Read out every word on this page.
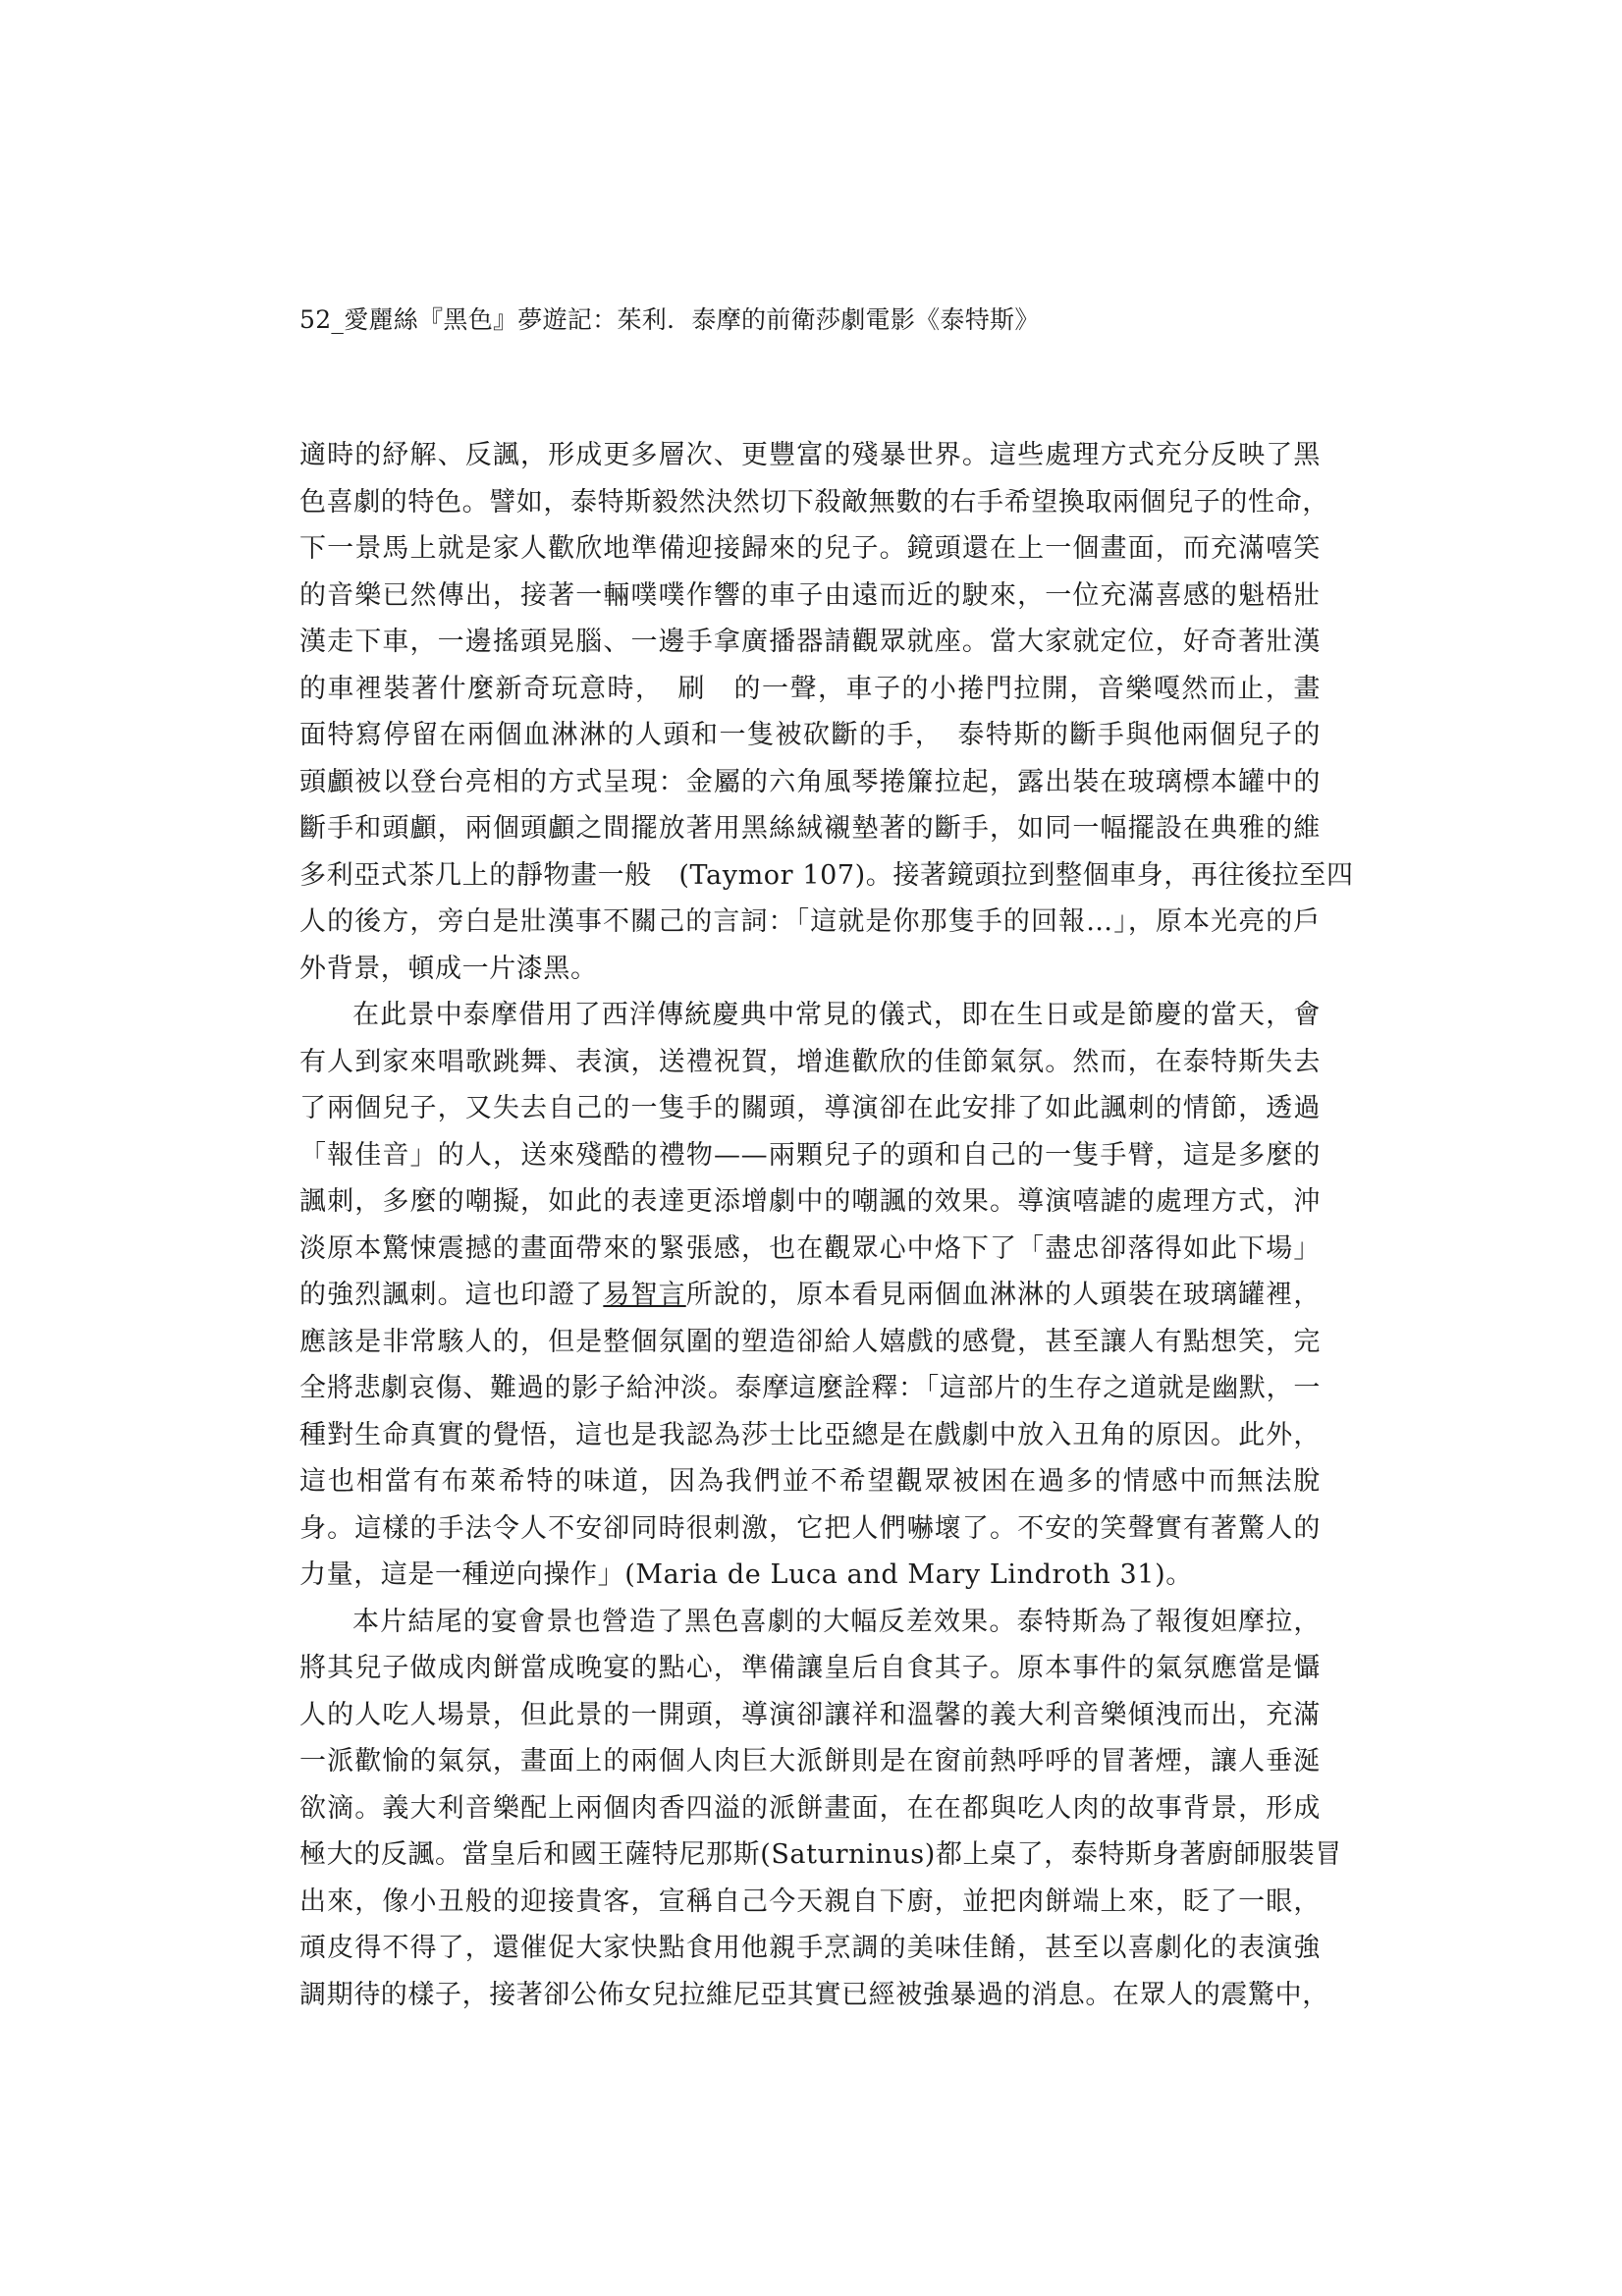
52_愛麗絲『黑色』夢遊記：茱利．泰摩的前衛莎劇電影《泰特斯》
適時的紓解、反諷，形成更多層次、更豐富的殘暴世界。這些處理方式充分反映了黑
色喜劇的特色。譬如，泰特斯毅然決然切下殺敵無數的右手希望換取兩個兒子的性命，
下一景馬上就是家人歡欣地準備迎接歸來的兒子。鏡頭還在上一個畫面，而充滿嘻笑
的音樂已然傳出，接著一輛噗噗作響的車子由遠而近的駛來，一位充滿喜感的魁梧壯
漢走下車，一邊搖頭晃腦、一邊手拿廣播器請觀眾就座。當大家就定位，好奇著壯漢
的車裡裝著什麼新奇玩意時，　刷　的一聲，車子的小捲門拉開，音樂嘎然而止，畫
面特寫停留在兩個血淋淋的人頭和一隻被砍斷的手，　泰特斯的斷手與他兩個兒子的
頭顱被以登台亮相的方式呈現：金屬的六角風琴捲簾拉起，露出裝在玻璃標本罐中的
斷手和頭顱，兩個頭顱之間擺放著用黑絲絨襯墊著的斷手，如同一幅擺設在典雅的維
多利亞式茶几上的靜物畫一般　(Taymor 107)。接著鏡頭拉到整個車身，再往後拉至四
人的後方，旁白是壯漢事不關己的言詞：「這就是你那隻手的回報…」，原本光亮的戶
外背景，頓成一片漆黑。
在此景中泰摩借用了西洋傳統慶典中常見的儀式，即在生日或是節慶的當天，會
有人到家來唱歌跳舞、表演，送禮祝賀，增進歡欣的佳節氣氛。然而，在泰特斯失去
了兩個兒子，又失去自己的一隻手的關頭，導演卻在此安排了如此諷刺的情節，透過
「報佳音」的人，送來殘酷的禮物——兩顆兒子的頭和自己的一隻手臂，這是多麼的
諷刺，多麼的嘲擬，如此的表達更添增劇中的嘲諷的效果。導演嘻謔的處理方式，沖
淡原本驚悚震撼的畫面帶來的緊張感，也在觀眾心中烙下了「盡忠卻落得如此下場」
的強烈諷刺。這也印證了易智言所說的，原本看見兩個血淋淋的人頭裝在玻璃罐裡，
應該是非常駭人的，但是整個氛圍的塑造卻給人嬉戲的感覺，甚至讓人有點想笑，完
全將悲劇哀傷、難過的影子給沖淡。泰摩這麼詮釋：「這部片的生存之道就是幽默，一
種對生命真實的覺悟，這也是我認為莎士比亞總是在戲劇中放入丑角的原因。此外，
這也相當有布萊希特的味道，因為我們並不希望觀眾被困在過多的情感中而無法脫
身。這樣的手法令人不安卻同時很刺激，它把人們嚇壞了。不安的笑聲實有著驚人的
力量，這是一種逆向操作」(Maria de Luca and Mary Lindroth 31)。
本片結尾的宴會景也營造了黑色喜劇的大幅反差效果。泰特斯為了報復妲摩拉，
將其兒子做成肉餅當成晚宴的點心，準備讓皇后自食其子。原本事件的氣氛應當是懾
人的人吃人場景，但此景的一開頭，導演卻讓祥和溫馨的義大利音樂傾洩而出，充滿
一派歡愉的氣氛，畫面上的兩個人肉巨大派餅則是在窗前熱呼呼的冒著煙，讓人垂涎
欲滴。義大利音樂配上兩個肉香四溢的派餅畫面，在在都與吃人肉的故事背景，形成
極大的反諷。當皇后和國王薩特尼那斯(Saturninus)都上桌了，泰特斯身著廚師服裝冒
出來，像小丑般的迎接貴客，宣稱自己今天親自下廚，並把肉餅端上來，眨了一眼，
頑皮得不得了，還催促大家快點食用他親手烹調的美味佳餚，甚至以喜劇化的表演強
調期待的樣子，接著卻公佈女兒拉維尼亞其實已經被強暴過的消息。在眾人的震驚中，
